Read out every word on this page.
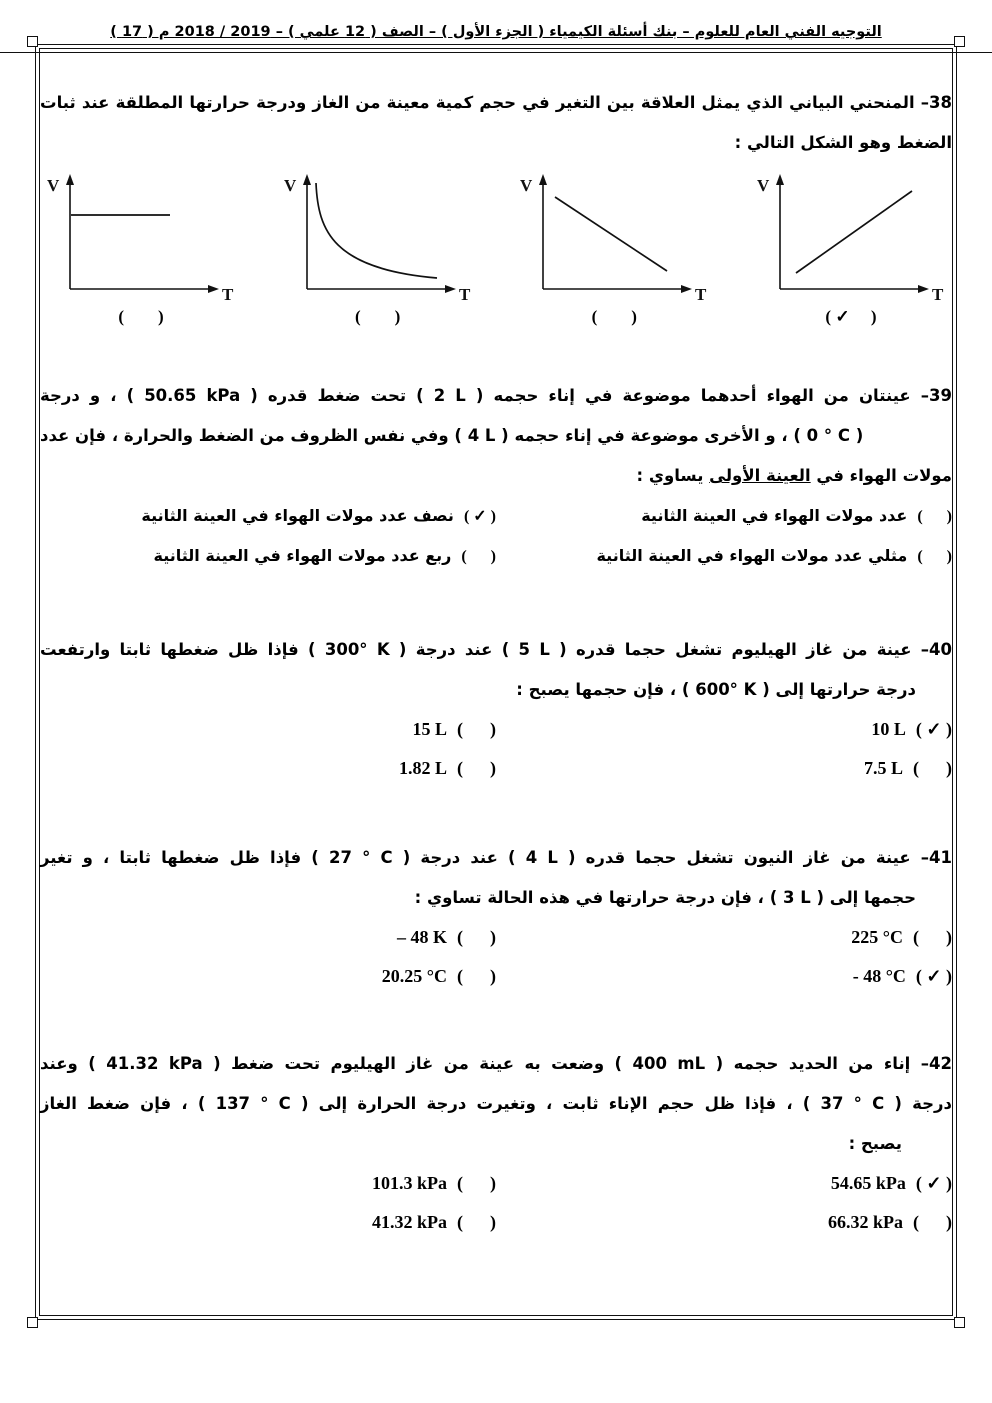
التوجيه الفني العام للعلوم – بنك أسئلة الكيمياء ( الجزء الأول ) – الصف ( 12 علمي ) – ⁦2018 / 2019⁩ م ( 17 )
38– المنحني البياني الذي يمثل العلاقة بين التغير في حجم كمية معينة من الغاز ودرجة حرارتها المطلقة عند ثبات
الضغط وهو الشكل التالي :
V
T
(        )
V
T
(        )
V
T
(        )
V
T
( ✓     )
39– عينتان من الهواء أحدهما موضوعة في إناء حجمه ( ⁦2 L⁩ ) تحت ضغط قدره ( ⁦50.65 kPa⁩ ) ، و درجة
( ⁦0 ° C⁩ ) ، و الأخرى موضوعة في إناء حجمه ( ⁦4 L⁩ ) وفي نفس الظروف من الضغط والحرارة ، فإن عدد
مولات الهواء في العينة الأولى يساوي :
(      )عدد مولات الهواء في العينة الثانية
( ✓ )نصف عدد مولات الهواء في العينة الثانية
(      )مثلي عدد مولات الهواء في العينة الثانية
(      )ربع عدد مولات الهواء في العينة الثانية
40– عينة من غاز الهيليوم تشغل حجما قدره ( ⁦5 L⁩ ) عند درجة ( ⁦300° K⁩ ) فإذا ظل ضغطها ثابتا وارتفعت
درجة حرارتها إلى ( ⁦600° K⁩ ) ، فإن حجمها يصبح :
10 L ( ✓ )
15 L (      )
7.5 L (      )
1.82 L (      )
41– عينة من غاز النيون تشغل حجما قدره ( ⁦4 L⁩ ) عند درجة ( ⁦27 ° C⁩ ) فإذا ظل ضغطها ثابتا ، و تغير
حجمها إلى ( ⁦3 L⁩ ) ، فإن درجة حرارتها في هذه الحالة تساوي :
225 °C (      )
– 48 K (      )
- 48 °C ( ✓ )
20.25 °C (      )
42– إناء من الحديد حجمه ( ⁦400 mL⁩ ) وضعت به عينة من غاز الهيليوم تحت ضغط ( ⁦41.32 kPa⁩ ) وعند
درجة ( ⁦37 ° C⁩ ) ، فإذا ظل حجم الإناء ثابت ، وتغيرت درجة الحرارة إلى ( ⁦137 ° C⁩ ) ، فإن ضغط الغاز
يصبح :
54.65 kPa ( ✓ )
101.3 kPa (      )
66.32 kPa (      )
41.32 kPa (      )
